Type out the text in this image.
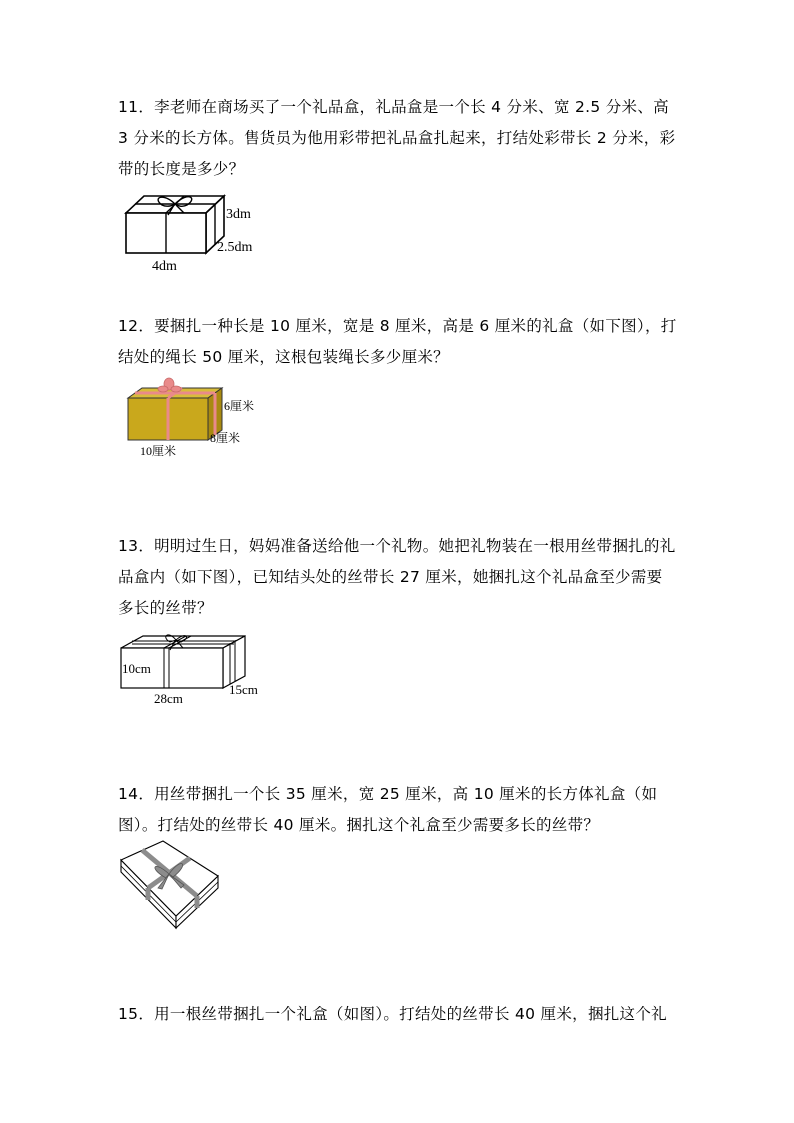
11．李老师在商场买了一个礼品盒，礼品盒是一个长 4 分米、宽 2.5 分米、高 3 分米的长方体。售货员为他用彩带把礼品盒扎起来，打结处彩带长 2 分米，彩带的长度是多少？
3dm
2.5dm
4dm
12．要捆扎一种长是 10 厘米，宽是 8 厘米，高是 6 厘米的礼盒（如下图），打结处的绳长 50 厘米，这根包装绳长多少厘米？
6厘米
8厘米
10厘米
13．明明过生日，妈妈准备送给他一个礼物。她把礼物装在一根用丝带捆扎的礼品盒内（如下图），已知结头处的丝带长 27 厘米，她捆扎这个礼品盒至少需要多长的丝带？
10cm
15cm
28cm
14．用丝带捆扎一个长 35 厘米，宽 25 厘米，高 10 厘米的长方体礼盒（如图）。打结处的丝带长 40 厘米。捆扎这个礼盒至少需要多长的丝带？
15．用一根丝带捆扎一个礼盒（如图）。打结处的丝带长 40 厘米，捆扎这个礼
